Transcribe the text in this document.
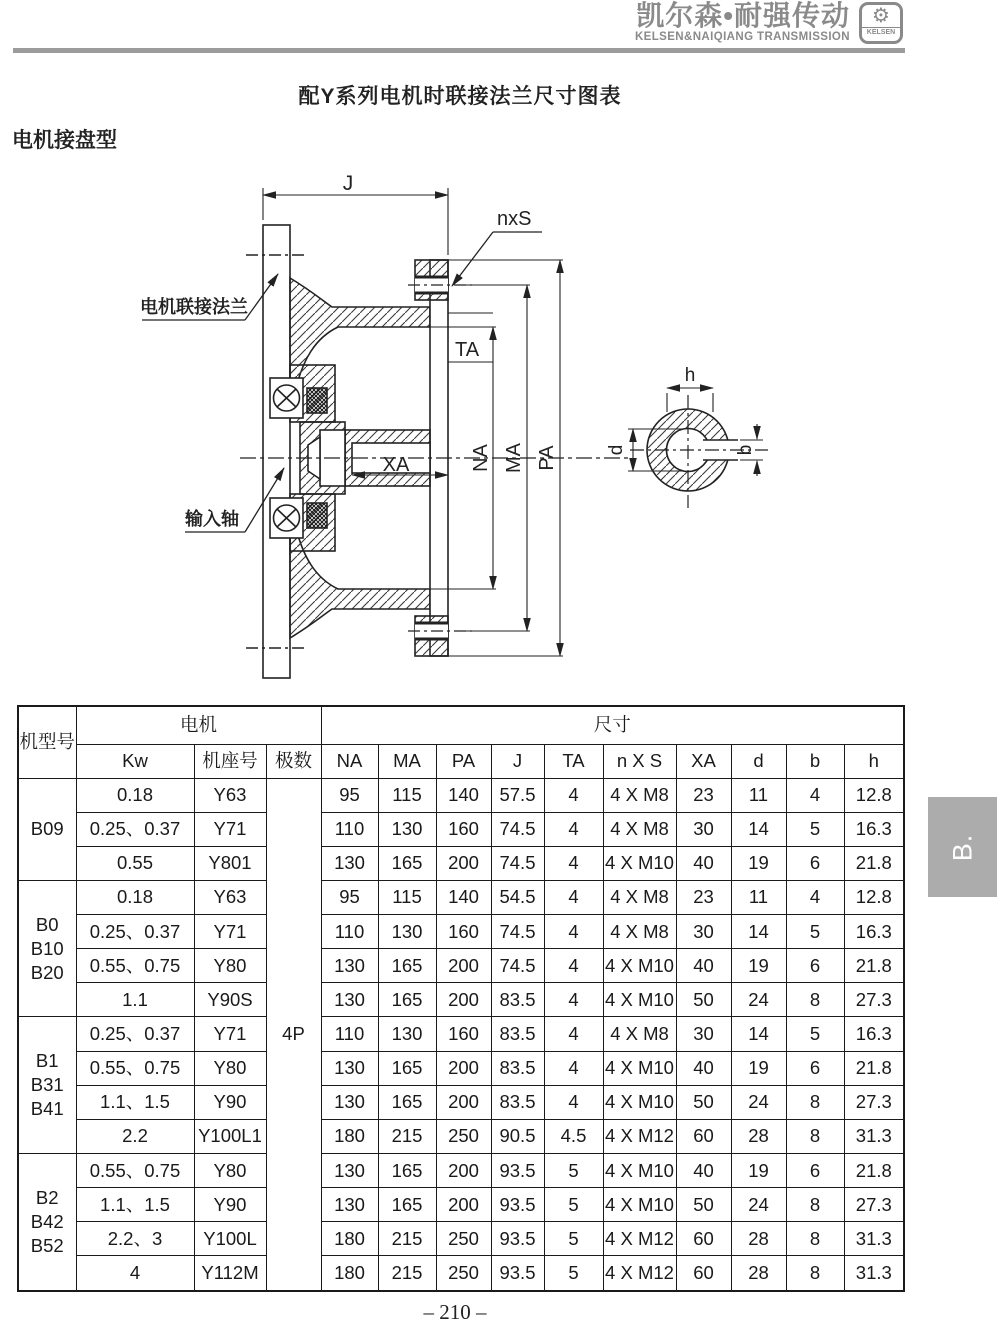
凯尔森•耐强传动
KELSEN&NAIQIANG TRANSMISSION
⚙
KELSEN
配Y系列电机时联接法兰尺寸图表
电机接盘型
J
nxS
TA
NA MA PA
XA
h
d	b
电机联接法兰
输入轴
机型号	电机			尺寸									
	Kw	机座号	极数	NA	MA	PA	J	TA	n X S	XA	d	b	h
B09	0.18	Y63	4P	95	115	140	57.5	4	4 X M8	23	11	4	12.8
	0.25、0.37	Y71		110	130	160	74.5	4	4 X M8	30	14	5	16.3
	0.55	Y801		130	165	200	74.5	4	4 X M10	40	19	6	21.8
B0
B10
B20	0.18	Y63		95	115	140	54.5	4	4 X M8	23	11	4	12.8
	0.25、0.37	Y71		110	130	160	74.5	4	4 X M8	30	14	5	16.3
	0.55、0.75	Y80		130	165	200	74.5	4	4 X M10	40	19	6	21.8
	1.1	Y90S		130	165	200	83.5	4	4 X M10	50	24	8	27.3
B1
B31
B41	0.25、0.37	Y71		110	130	160	83.5	4	4 X M8	30	14	5	16.3
	0.55、0.75	Y80		130	165	200	83.5	4	4 X M10	40	19	6	21.8
	1.1、1.5	Y90		130	165	200	83.5	4	4 X M10	50	24	8	27.3
	2.2	Y100L1		180	215	250	90.5	4.5	4 X M12	60	28	8	31.3
B2
B42
B52	0.55、0.75	Y80		130	165	200	93.5	5	4 X M10	40	19	6	21.8
	1.1、1.5	Y90		130	165	200	93.5	5	4 X M10	50	24	8	27.3
	2.2、3	Y100L		180	215	250	93.5	5	4 X M12	60	28	8	31.3
	4	Y112M		180	215	250	93.5	5	4 X M12	60	28	8	31.3
B.
– 210 –
